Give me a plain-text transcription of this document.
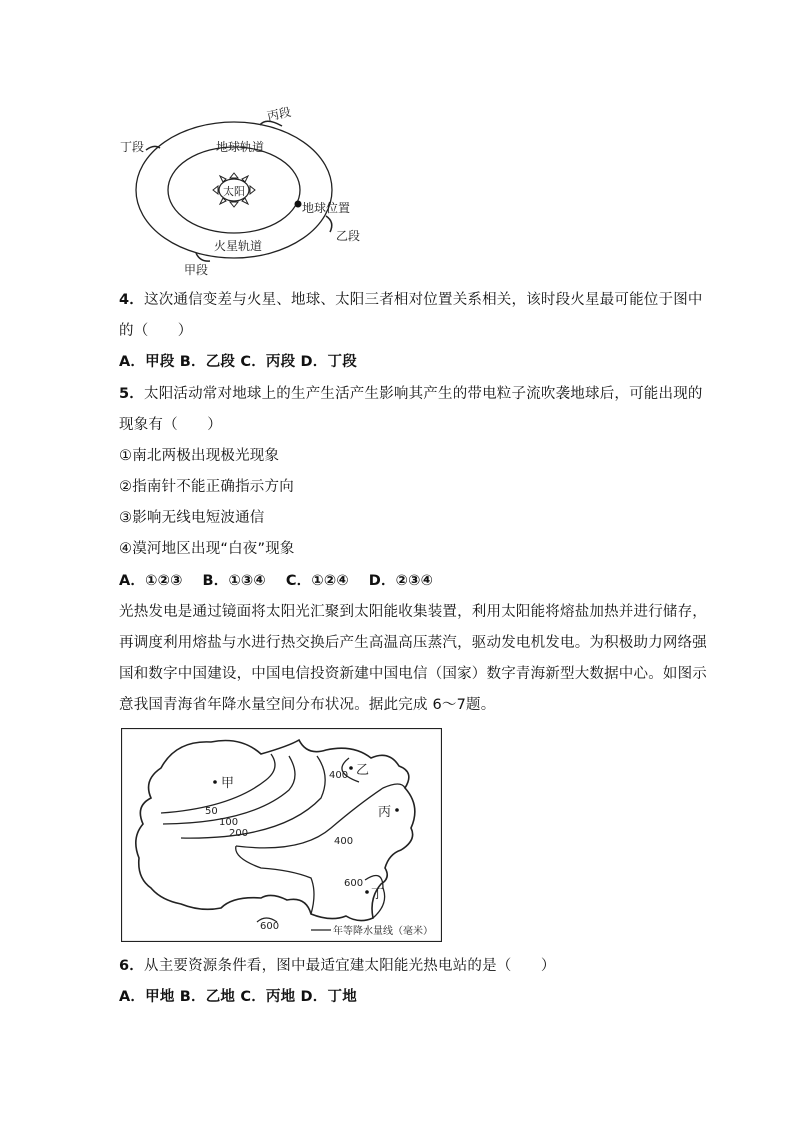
太阳
地球轨道
火星轨道
地球位置
甲段
乙段
丙段
丁段
4．这次通信变差与火星、地球、太阳三者相对位置关系相关，该时段火星最可能位于图中
的（　　）
A．甲段 B．乙段 C．丙段 D．丁段
5．太阳活动常对地球上的生产生活产生影响其产生的带电粒子流吹袭地球后，可能出现的
现象有（　　）
①南北两极出现极光现象
②指南针不能正确指示方向
③影响无线电短波通信
④漠河地区出现“白夜”现象
A．①②③　 B．①③④　 C．①②④　 D．②③④
光热发电是通过镜面将太阳光汇聚到太阳能收集装置，利用太阳能将熔盐加热并进行储存，
再调度利用熔盐与水进行热交换后产生高温高压蒸汽，驱动发电机发电。为积极助力网络强
国和数字中国建设，中国电信投资新建中国电信（国家）数字青海新型大数据中心。如图示
意我国青海省年降水量空间分布状况。据此完成 6～7题。
50
100
200
400
400
600
600
甲
乙
丙
丁
年等降水量线（毫米）
6．从主要资源条件看，图中最适宜建太阳能光热电站的是（　　）
A．甲地 B．乙地 C．丙地 D．丁地
